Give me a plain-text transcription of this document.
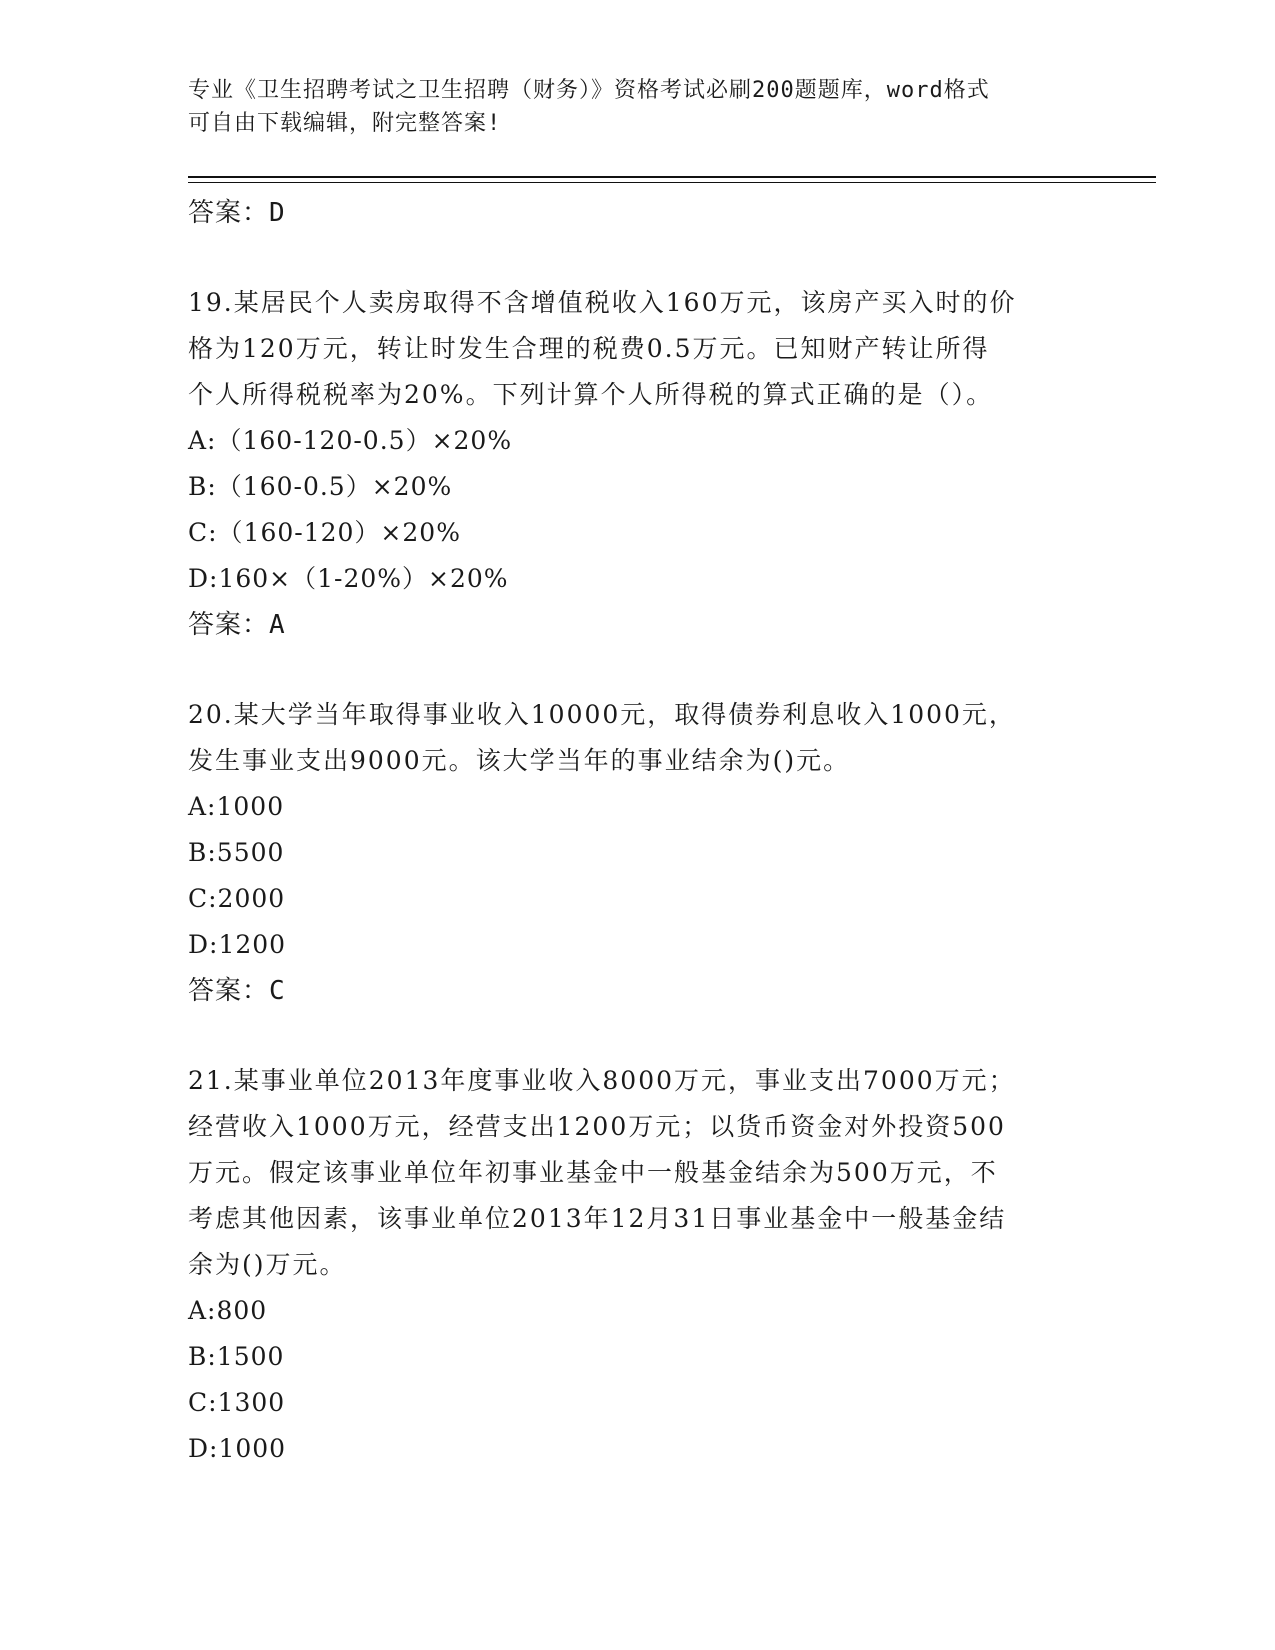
专业《卫生招聘考试之卫生招聘（财务）》资格考试必刷200题题库，word格式
可自由下载编辑，附完整答案!
答案：D
19.某居民个人卖房取得不含增值税收入160万元，该房产买入时的价
格为120万元，转让时发生合理的税费0.5万元。已知财产转让所得
个人所得税税率为20%。下列计算个人所得税的算式正确的是（）。
A:（160-120-0.5）×20%
B:（160-0.5）×20%
C:（160-120）×20%
D:160×（1-20%）×20%
答案：A
20.某大学当年取得事业收入10000元，取得债券利息收入1000元，
发生事业支出9000元。该大学当年的事业结余为()元。
A:1000
B:5500
C:2000
D:1200
答案：C
21.某事业单位2013年度事业收入8000万元，事业支出7000万元；
经营收入1000万元，经营支出1200万元；以货币资金对外投资500
万元。假定该事业单位年初事业基金中一般基金结余为500万元，不
考虑其他因素，该事业单位2013年12月31日事业基金中一般基金结
余为()万元。
A:800
B:1500
C:1300
D:1000
